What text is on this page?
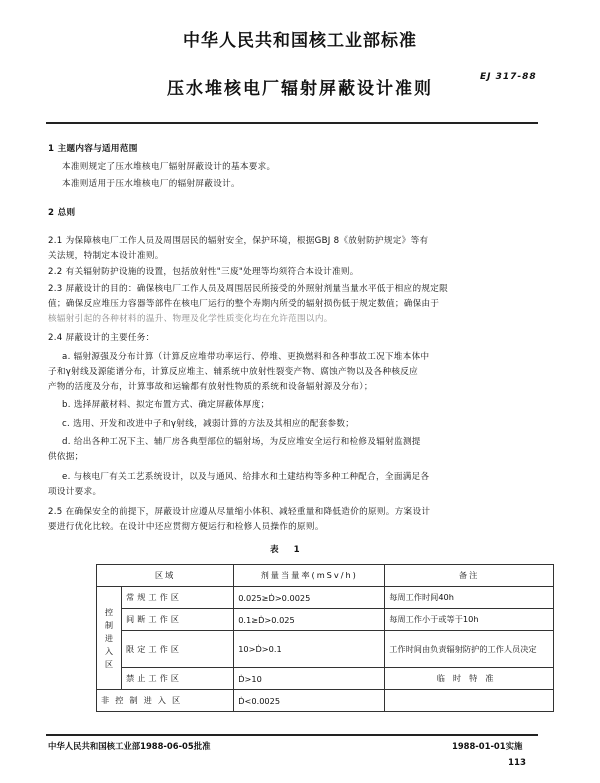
中华人民共和国核工业部标准
压水堆核电厂辐射屏蔽设计准则
EJ 317-88
1 主题内容与适用范围
本准则规定了压水堆核电厂辐射屏蔽设计的基本要求。
本准则适用于压水堆核电厂的辐射屏蔽设计。
2 总则
2.1 为保障核电厂工作人员及周围居民的辐射安全，保护环境，根据GBJ 8《放射防护规定》等有
关法规，特制定本设计准则。
2.2 有关辐射防护设施的设置，包括放射性"三废"处理等均须符合本设计准则。
2.3 屏蔽设计的目的：确保核电厂工作人员及周围居民所接受的外照射剂量当量水平低于相应的规定限
值；确保反应堆压力容器等部件在核电厂运行的整个寿期内所受的辐射损伤低于规定数值；确保由于
核辐射引起的各种材料的温升、物理及化学性质变化均在允许范围以内。
2.4 屏蔽设计的主要任务：
a. 辐射源强及分布计算（计算反应堆带功率运行、停堆、更换燃料和各种事故工况下堆本体中
子和γ射线及源能谱分布，计算反应堆主、辅系统中放射性裂变产物、腐蚀产物以及各种核反应
产物的活度及分布，计算事故和运输都有放射性物质的系统和设备辐射源及分布）；
b. 选择屏蔽材料、拟定布置方式、确定屏蔽体厚度；
c. 选用、开发和改进中子和γ射线，减弱计算的方法及其相应的配套参数；
d. 给出各种工况下主、辅厂房各典型部位的辐射场，为反应堆安全运行和检修及辐射监测提
供依据；
e. 与核电厂有关工艺系统设计，以及与通风、给排水和土建结构等多种工种配合，全面满足各
项设计要求。
2.5 在确保安全的前提下，屏蔽设计应遵从尽量缩小体积、减轻重量和降低造价的原则。方案设计
要进行优化比较。在设计中还应贯彻方便运行和检修人员操作的原则。
表 1
区域		剂量当量率(mSv/h)	备注
控制进入区	常规工作区	0.025≥Ḋ>0.0025	每周工作时间40h
	间断工作区	0.1≥Ḋ>0.025	每周工作小于或等于10h
	限定工作区	10>Ḋ>0.1	工作时间由负责辐射防护的工作人员决定
	禁止工作区	Ḋ>10	临时特准
非控制进入区		Ḋ<0.0025	
中华人民共和国核工业部1988-06-05批准	1988-01-01实施
113
